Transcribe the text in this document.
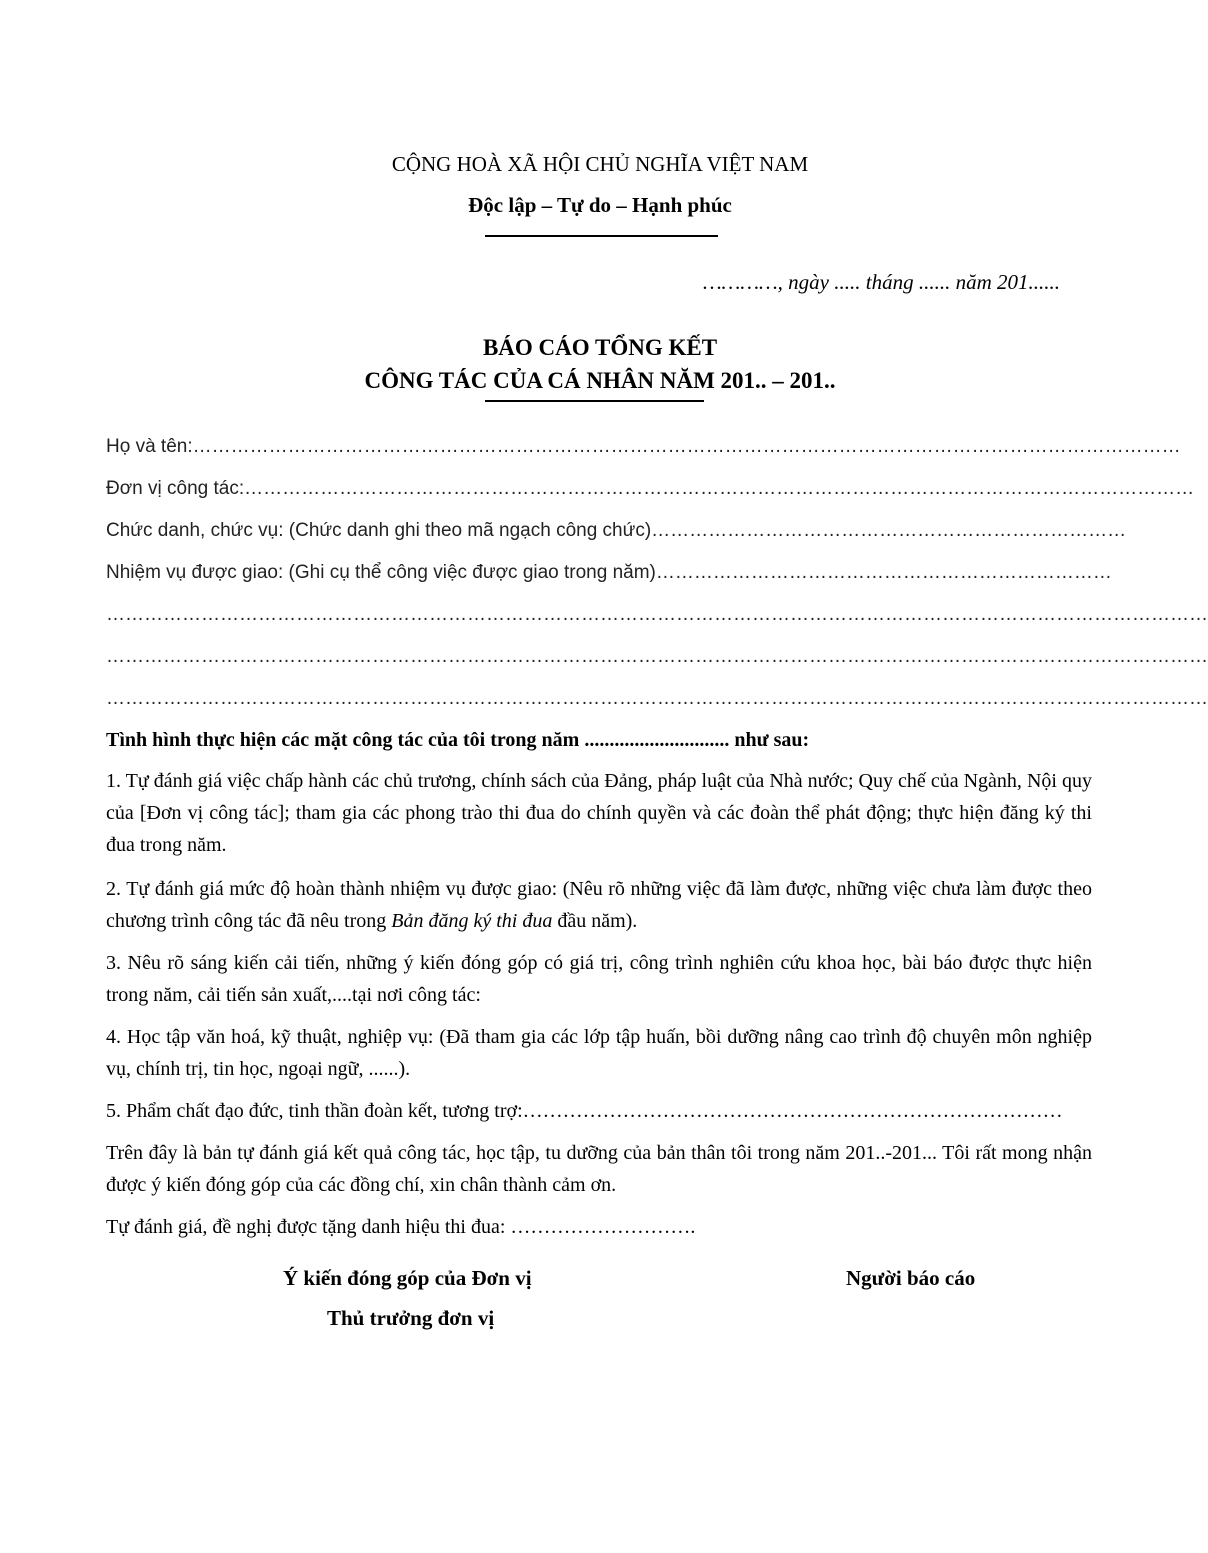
CỘNG HOÀ XÃ HỘI CHỦ NGHĨA VIỆT NAM
Độc lập – Tự do – Hạnh phúc
…………, ngày ..... tháng ...... năm 201......
BÁO CÁO TỔNG KẾT
CÔNG TÁC CỦA CÁ NHÂN NĂM 201.. – 201..
Họ và tên:…………………………………………………………………………………………………………………………………………
Đơn vị công tác:……………………………………………………………………………………………………………………………………
Chức danh, chức vụ: (Chức danh ghi theo mã ngạch công chức)…………………………………………………………………
Nhiệm vụ được giao: (Ghi cụ thể công việc được giao trong năm)………………………………………………………………
…………………………………………………………………………………………………………………………………………………………
…………………………………………………………………………………………………………………………………………………………
…………………………………………………………………………………………………………………………………………………………
Tình hình thực hiện các mặt công tác của tôi trong năm ............................. như sau:
1. Tự đánh giá việc chấp hành các chủ trương, chính sách của Đảng, pháp luật của Nhà nước; Quy chế của Ngành, Nội quy của [Đơn vị công tác]; tham gia các phong trào thi đua do chính quyền và các đoàn thể phát động; thực hiện đăng ký thi đua trong năm.
2. Tự đánh giá mức độ hoàn thành nhiệm vụ được giao: (Nêu rõ những việc đã làm được, những việc chưa làm được theo chương trình công tác đã nêu trong Bản đăng ký thi đua đầu năm).
3. Nêu rõ sáng kiến cải tiến, những ý kiến đóng góp có giá trị, công trình nghiên cứu khoa học, bài báo được thực hiện trong năm, cải tiến sản xuất,....tại nơi công tác:
4. Học tập văn hoá, kỹ thuật, nghiệp vụ: (Đã tham gia các lớp tập huấn, bồi dưỡng nâng cao trình độ chuyên môn nghiệp vụ, chính trị, tin học, ngoại ngữ, ......).
5. Phẩm chất đạo đức, tinh thần đoàn kết, tương trợ:………………………………………………………………………
Trên đây là bản tự đánh giá kết quả công tác, học tập, tu dưỡng của bản thân tôi trong năm 201..-201... Tôi rất mong nhận được ý kiến đóng góp của các đồng chí, xin chân thành cảm ơn.
Tự đánh giá, đề nghị được tặng danh hiệu thi đua: ……………………….
Ý kiến đóng góp của Đơn vị
Thủ trưởng đơn vị
Người báo cáo
